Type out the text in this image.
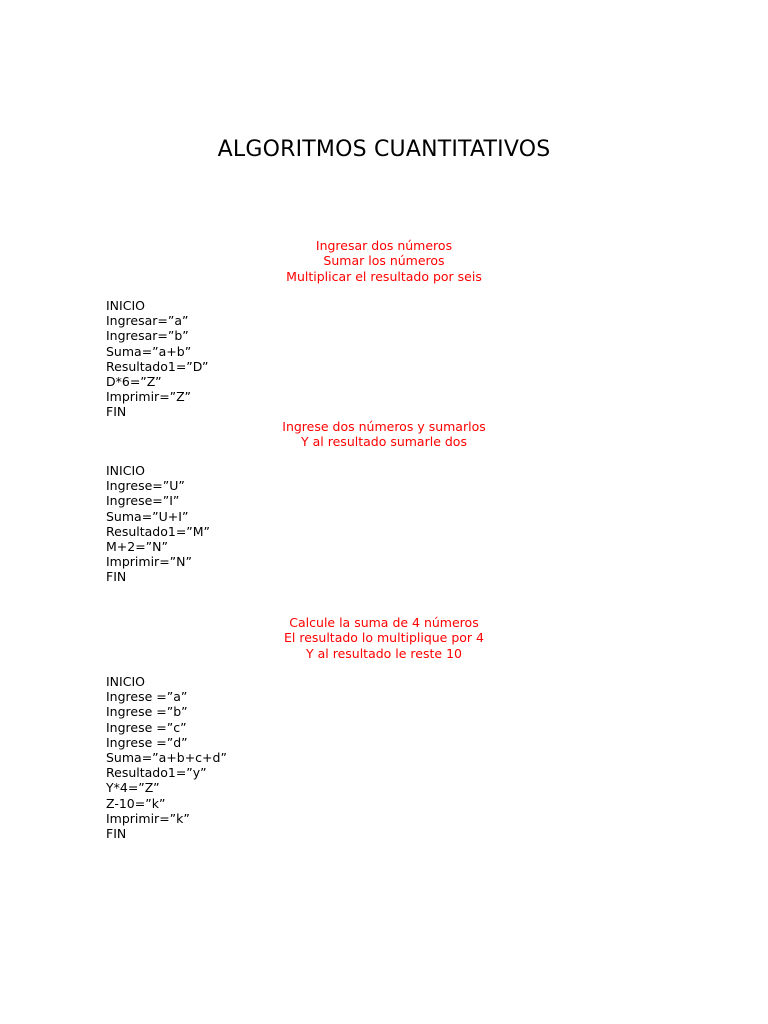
ALGORITMOS CUANTITATIVOS
Ingresar dos números
Sumar los números
Multiplicar el resultado por seis
INICIO
Ingresar=”a”
Ingresar=”b”
Suma=”a+b”
Resultado1=”D”
D*6=”Z”
Imprimir=”Z”
FIN
Ingrese dos números y sumarlos
Y al resultado sumarle dos
INICIO
Ingrese=”U”
Ingrese=”I”
Suma=”U+I”
Resultado1=”M”
M+2=”N”
Imprimir=”N”
FIN
Calcule la suma de 4 números
El resultado lo multiplique por 4
Y al resultado le reste 10
INICIO
Ingrese =”a”
Ingrese =”b”
Ingrese =”c”
Ingrese =”d”
Suma=”a+b+c+d”
Resultado1=”y”
Y*4=”Z”
Z-10=”k”
Imprimir=”k”
FIN
